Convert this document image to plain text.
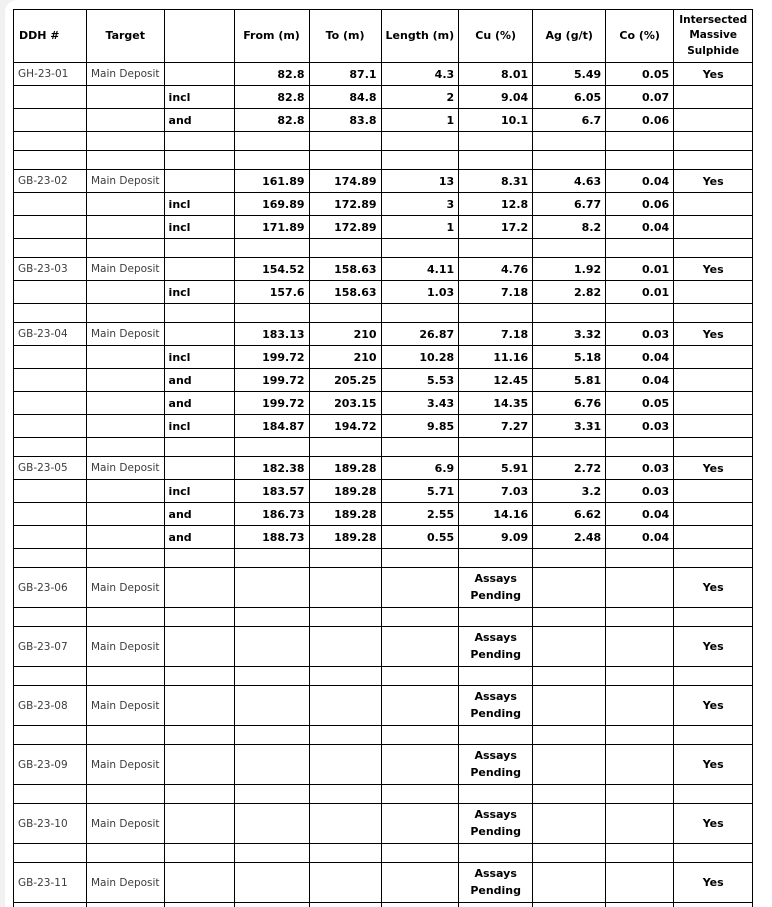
DDH #	Target		From (m)	To (m)	Length (m)	Cu (%)	Ag (g/t)	Co (%)	Intersected Massive Sulphide
GH-23-01	Main Deposit		82.8	87.1	4.3	8.01	5.49	0.05	Yes
		incl	82.8	84.8	2	9.04	6.05	0.07	
		and	82.8	83.8	1	10.1	6.7	0.06	

GB-23-02	Main Deposit		161.89	174.89	13	8.31	4.63	0.04	Yes
		incl	169.89	172.89	3	12.8	6.77	0.06	
		incl	171.89	172.89	1	17.2	8.2	0.04	

GB-23-03	Main Deposit		154.52	158.63	4.11	4.76	1.92	0.01	Yes
		incl	157.6	158.63	1.03	7.18	2.82	0.01	

GB-23-04	Main Deposit		183.13	210	26.87	7.18	3.32	0.03	Yes
		incl	199.72	210	10.28	11.16	5.18	0.04	
		and	199.72	205.25	5.53	12.45	5.81	0.04	
		and	199.72	203.15	3.43	14.35	6.76	0.05	
		incl	184.87	194.72	9.85	7.27	3.31	0.03	

GB-23-05	Main Deposit		182.38	189.28	6.9	5.91	2.72	0.03	Yes
		incl	183.57	189.28	5.71	7.03	3.2	0.03	
		and	186.73	189.28	2.55	14.16	6.62	0.04	
		and	188.73	189.28	0.55	9.09	2.48	0.04	

GB-23-06	Main Deposit					Assays Pending			Yes

GB-23-07	Main Deposit					Assays Pending			Yes

GB-23-08	Main Deposit					Assays Pending			Yes

GB-23-09	Main Deposit					Assays Pending			Yes

GB-23-10	Main Deposit					Assays Pending			Yes

GB-23-11	Main Deposit					Assays Pending			Yes
